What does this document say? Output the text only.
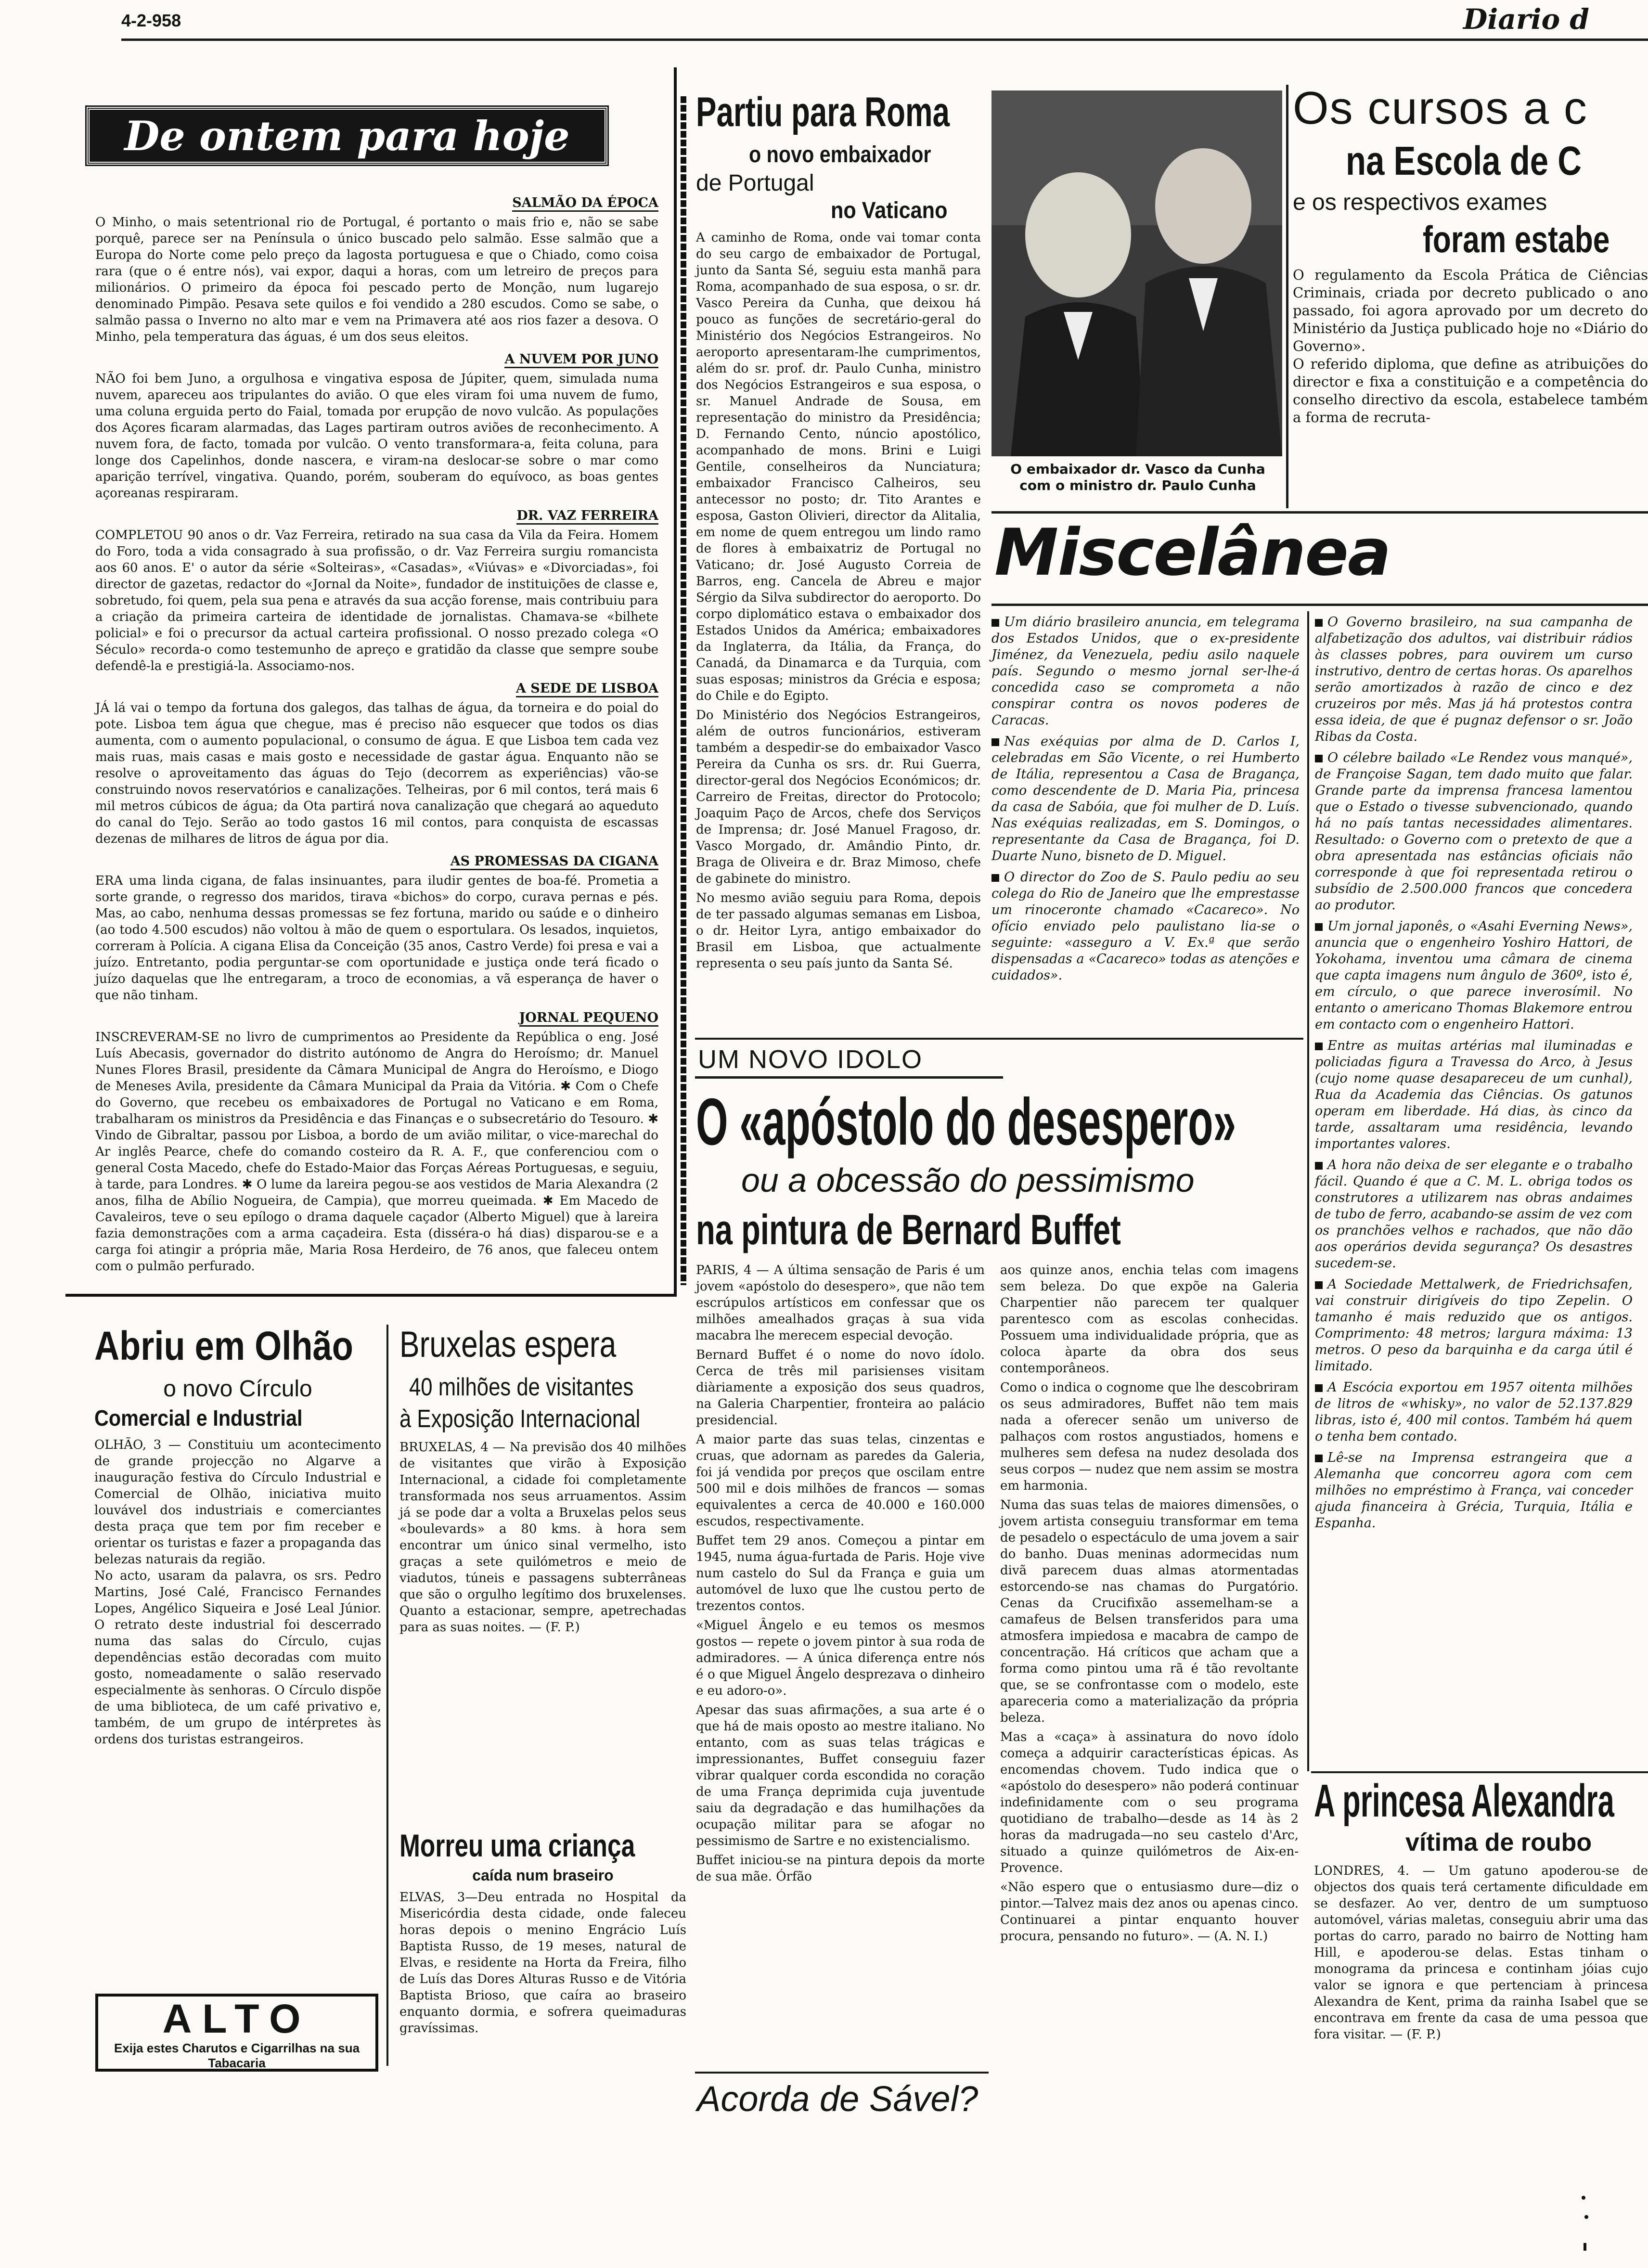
4-2-958	Diario d
De ontem para hoje
SALMÃO DA ÉPOCA

O Minho, o mais setentrional rio de Portugal, é portanto o mais frio e, não se sabe porquê, parece ser na Península o único buscado pelo salmão. Esse salmão que a Europa do Norte come pelo preço da lagosta portuguesa e que o Chiado, como coisa rara (que o é entre nós), vai expor, daqui a horas, com um letreiro de preços para milionários. O primeiro da época foi pescado perto de Monção, num lugarejo denominado Pimpão. Pesava sete quilos e foi vendido a 280 escudos. Como se sabe, o salmão passa o Inverno no alto mar e vem na Primavera até aos rios fazer a desova. O Minho, pela temperatura das águas, é um dos seus eleitos.

A NUVEM POR JUNO

NÃO foi bem Juno, a orgulhosa e vingativa esposa de Júpiter, quem, simulada numa nuvem, apareceu aos tripulantes do avião. O que eles viram foi uma nuvem de fumo, uma coluna erguida perto do Faial, tomada por erupção de novo vulcão. As populações dos Açores ficaram alarmadas, das Lages partiram outros aviões de reconhecimento. A nuvem fora, de facto, tomada por vulcão. O vento transformara-a, feita coluna, para longe dos Capelinhos, donde nascera, e viram-na deslocar-se sobre o mar como aparição terrível, vingativa. Quando, porém, souberam do equívoco, as boas gentes açoreanas respiraram.

DR. VAZ FERREIRA

COMPLETOU 90 anos o dr. Vaz Ferreira, retirado na sua casa da Vila da Feira. Homem do Foro, toda a vida consagrado à sua profissão, o dr. Vaz Ferreira surgiu romancista aos 60 anos. E' o autor da série «Solteiras», «Casadas», «Viúvas» e «Divorciadas», foi director de gazetas, redactor do «Jornal da Noite», fundador de instituições de classe e, sobretudo, foi quem, pela sua pena e através da sua acção forense, mais contribuiu para a criação da primeira carteira de identidade de jornalistas. Chamava-se «bilhete policial» e foi o precursor da actual carteira profissional. O nosso prezado colega «O Século» recorda-o como testemunho de apreço e gratidão da classe que sempre soube defendê-la e prestigiá-la. Associamo-nos.

A SEDE DE LISBOA

JÁ lá vai o tempo da fortuna dos galegos, das talhas de água, da torneira e do poial do pote. Lisboa tem água que chegue, mas é preciso não esquecer que todos os dias aumenta, com o aumento populacional, o consumo de água. E que Lisboa tem cada vez mais ruas, mais casas e mais gosto e necessidade de gastar água. Enquanto não se resolve o aproveitamento das águas do Tejo (decorrem as experiências) vão-se construindo novos reservatórios e canalizações. Telheiras, por 6 mil contos, terá mais 6 mil metros cúbicos de água; da Ota partirá nova canalização que chegará ao aqueduto do canal do Tejo. Serão ao todo gastos 16 mil contos, para conquista de escassas dezenas de milhares de litros de água por dia.

AS PROMESSAS DA CIGANA

ERA uma linda cigana, de falas insinuantes, para iludir gentes de boa-fé. Prometia a sorte grande, o regresso dos maridos, tirava «bichos» do corpo, curava pernas e pés. Mas, ao cabo, nenhuma dessas promessas se fez fortuna, marido ou saúde e o dinheiro (ao todo 4.500 escudos) não voltou à mão de quem o esportulara. Os lesados, inquietos, correram à Polícia. A cigana Elisa da Conceição (35 anos, Castro Verde) foi presa e vai a juízo. Entretanto, podia perguntar-se com oportunidade e justiça onde terá ficado o juízo daquelas que lhe entregaram, a troco de economias, a vã esperança de haver o que não tinham.

JORNAL PEQUENO

INSCREVERAM-SE no livro de cumprimentos ao Presidente da República o eng. José Luís Abecasis, governador do distrito autónomo de Angra do Heroísmo; dr. Manuel Nunes Flores Brasil, presidente da Câmara Municipal de Angra do Heroísmo, e Diogo de Meneses Avila, presidente da Câmara Municipal da Praia da Vitória. ✱ Com o Chefe do Governo, que recebeu os embaixadores de Portugal no Vaticano e em Roma, trabalharam os ministros da Presidência e das Finanças e o subsecretário do Tesouro. ✱ Vindo de Gibraltar, passou por Lisboa, a bordo de um avião militar, o vice-marechal do Ar inglês Pearce, chefe do comando costeiro da R. A. F., que conferenciou com o general Costa Macedo, chefe do Estado-Maior das Forças Aéreas Portuguesas, e seguiu, à tarde, para Londres. ✱ O lume da lareira pegou-se aos vestidos de Maria Alexandra (2 anos, filha de Abílio Nogueira, de Campia), que morreu queimada. ✱ Em Macedo de Cavaleiros, teve o seu epílogo o drama daquele caçador (Alberto Miguel) que à lareira fazia demonstrações com a arma caçadeira. Esta (disséra-o há dias) disparou-se e a carga foi atingir a própria mãe, Maria Rosa Herdeiro, de 76 anos, que faleceu ontem com o pulmão perfurado.

Abriu em Olhão
o novo Círculo
Comercial e Industrial

OLHÃO, 3 — Constituiu um acontecimento de grande projecção no Algarve a inauguração festiva do Círculo Industrial e Comercial de Olhão, iniciativa muito louvável dos industriais e comerciantes desta praça que tem por fim receber e orientar os turistas e fazer a propaganda das belezas naturais da região.
No acto, usaram da palavra, os srs. Pedro Martins, José Calé, Francisco Fernandes Lopes, Angélico Siqueira e José Leal Júnior. O retrato deste industrial foi descerrado numa das salas do Círculo, cujas dependências estão decoradas com muito gosto, nomeadamente o salão reservado especialmente às senhoras. O Círculo dispõe de uma biblioteca, de um café privativo e, também, de um grupo de intérpretes às ordens dos turistas estrangeiros.

ALTO
Exija estes Charutos e Cigarrilhas na sua Tabacaria
Bruxelas espera
40 milhões de visitantes
à Exposição Internacional

BRUXELAS, 4 — Na previsão dos 40 milhões de visitantes que virão à Exposição Internacional, a cidade foi completamente transformada nos seus arruamentos. Assim já se pode dar a volta a Bruxelas pelos seus «boulevards» a 80 kms. à hora sem encontrar um único sinal vermelho, isto graças a sete quilómetros e meio de viadutos, túneis e passagens subterrâneas que são o orgulho legítimo dos bruxelenses. Quanto a estacionar, sempre, apetrechadas para as suas noites. — (F. P.)

Morreu uma criança
caída num braseiro

ELVAS, 3—Deu entrada no Hospital da Misericórdia desta cidade, onde faleceu horas depois o menino Engrácio Luís Baptista Russo, de 19 meses, natural de Elvas, e residente na Horta da Freira, filho de Luís das Dores Alturas Russo e de Vitória Baptista Brioso, que caíra ao braseiro enquanto dormia, e sofrera queimaduras gravíssimas.

Partiu para Roma
o novo embaixador
de Portugal
no Vaticano

A caminho de Roma, onde vai tomar conta do seu cargo de embaixador de Portugal, junto da Santa Sé, seguiu esta manhã para Roma, acompanhado de sua esposa, o sr. dr. Vasco Pereira da Cunha, que deixou há pouco as funções de secretário-geral do Ministério dos Negócios Estrangeiros. No aeroporto apresentaram-lhe cumprimentos, além do sr. prof. dr. Paulo Cunha, ministro dos Negócios Estrangeiros e sua esposa, o sr. Manuel Andrade de Sousa, em representação do ministro da Presidência; D. Fernando Cento, núncio apostólico, acompanhado de mons. Brini e Luigi Gentile, conselheiros da Nunciatura; embaixador Francisco Calheiros, seu antecessor no posto; dr. Tito Arantes e esposa, Gaston Olivieri, director da Alitalia, em nome de quem entregou um lindo ramo de flores à embaixatriz de Portugal no Vaticano; dr. José Augusto Correia de Barros, eng. Cancela de Abreu e major Sérgio da Silva subdirector do aeroporto. Do corpo diplomático estava o embaixador dos Estados Unidos da América; embaixadores da Inglaterra, da Itália, da França, do Canadá, da Dinamarca e da Turquia, com suas esposas; ministros da Grécia e esposa; do Chile e do Egipto.

Do Ministério dos Negócios Estrangeiros, além de outros funcionários, estiveram também a despedir-se do embaixador Vasco Pereira da Cunha os srs. dr. Rui Guerra, director-geral dos Negócios Económicos; dr. Carreiro de Freitas, director do Protocolo; Joaquim Paço de Arcos, chefe dos Serviços de Imprensa; dr. José Manuel Fragoso, dr. Vasco Morgado, dr. Amândio Pinto, dr. Braga de Oliveira e dr. Braz Mimoso, chefe de gabinete do ministro.

No mesmo avião seguiu para Roma, depois de ter passado algumas semanas em Lisboa, o dr. Heitor Lyra, antigo embaixador do Brasil em Lisboa, que actualmente representa o seu país junto da Santa Sé.

O embaixador dr. Vasco da Cunha com o ministro dr. Paulo Cunha
Os cursos a c
na Escola de C
e os respectivos exames
foram estabe

O regulamento da Escola Prática de Ciências Criminais, criada por decreto publicado o ano passado, foi agora aprovado por um decreto do Ministério da Justiça publicado hoje no «Diário do Governo».
O referido diploma, que define as atribuições do director e fixa a constituição e a competência do conselho directivo da escola, estabelece também a forma de recruta-

Miscelânea

Um diário brasileiro anuncia, em telegrama dos Estados Unidos, que o ex-presidente Jiménez, da Venezuela, pediu asilo naquele país. Segundo o mesmo jornal ser-lhe-á concedida caso se comprometa a não conspirar contra os novos poderes de Caracas.

Nas exéquias por alma de D. Carlos I, celebradas em São Vicente, o rei Humberto de Itália, representou a Casa de Bragança, como descendente de D. Maria Pia, princesa da casa de Sabóia, que foi mulher de D. Luís. Nas exéquias realizadas, em S. Domingos, o representante da Casa de Bragança, foi D. Duarte Nuno, bisneto de D. Miguel.

O director do Zoo de S. Paulo pediu ao seu colega do Rio de Janeiro que lhe emprestasse um rinoceronte chamado «Cacareco». No ofício enviado pelo paulistano lia-se o seguinte: «asseguro a V. Ex.ª que serão dispensadas a «Cacareco» todas as atenções e cuidados».

O Governo brasileiro, na sua campanha de alfabetização dos adultos, vai distribuir rádios às classes pobres, para ouvirem um curso instrutivo, dentro de certas horas. Os aparelhos serão amortizados à razão de cinco e dez cruzeiros por mês. Mas já há protestos contra essa ideia, de que é pugnaz defensor o sr. João Ribas da Costa.

O célebre bailado «Le Rendez vous manqué», de Françoise Sagan, tem dado muito que falar. Grande parte da imprensa francesa lamentou que o Estado o tivesse subvencionado, quando há no país tantas necessidades alimentares. Resultado: o Governo com o pretexto de que a obra apresentada nas estâncias oficiais não corresponde à que foi representada retirou o subsídio de 2.500.000 francos que concedera ao produtor.

Um jornal japonês, o «Asahi Everning News», anuncia que o engenheiro Yoshiro Hattori, de Yokohama, inventou uma câmara de cinema que capta imagens num ângulo de 360º, isto é, em círculo, o que parece inverosímil. No entanto o americano Thomas Blakemore entrou em contacto com o engenheiro Hattori.

Entre as muitas artérias mal iluminadas e policiadas figura a Travessa do Arco, à Jesus (cujo nome quase desapareceu de um cunhal), Rua da Academia das Ciências. Os gatunos operam em liberdade. Há dias, às cinco da tarde, assaltaram uma residência, levando importantes valores.

A hora não deixa de ser elegante e o trabalho fácil. Quando é que a C. M. L. obriga todos os construtores a utilizarem nas obras andaimes de tubo de ferro, acabando-se assim de vez com os pranchões velhos e rachados, que não dão aos operários devida segurança? Os desastres sucedem-se.

A Sociedade Mettalwerk, de Friedrichsafen, vai construir dirigíveis do tipo Zepelin. O tamanho é mais reduzido que os antigos. Comprimento: 48 metros; largura máxima: 13 metros. O peso da barquinha e da carga útil é limitado.

A Escócia exportou em 1957 oitenta milhões de litros de «whisky», no valor de 52.137.829 libras, isto é, 400 mil contos. Também há quem o tenha bem contado.

Lê-se na Imprensa estrangeira que a Alemanha que concorreu agora com cem milhões no empréstimo à França, vai conceder ajuda financeira à Grécia, Turquia, Itália e Espanha.

UM NOVO IDOLO
O «apóstolo do desespero»
ou a obcessão do pessimismo
na pintura de Bernard Buffet

PARIS, 4 — A última sensação de Paris é um jovem «apóstolo do desespero», que não tem escrúpulos artísticos em confessar que os milhões amealhados graças à sua vida macabra lhe merecem especial devoção.

Bernard Buffet é o nome do novo ídolo. Cerca de três mil parisienses visitam diàriamente a exposição dos seus quadros, na Galeria Charpentier, fronteira ao palácio presidencial.

A maior parte das suas telas, cinzentas e cruas, que adornam as paredes da Galeria, foi já vendida por preços que oscilam entre 500 mil e dois milhões de francos — somas equivalentes a cerca de 40.000 e 160.000 escudos, respectivamente.

Buffet tem 29 anos. Começou a pintar em 1945, numa água-furtada de Paris. Hoje vive num castelo do Sul da França e guia um automóvel de luxo que lhe custou perto de trezentos contos.

«Miguel Ângelo e eu temos os mesmos gostos — repete o jovem pintor à sua roda de admiradores. — A única diferença entre nós é o que Miguel Ângelo desprezava o dinheiro e eu adoro-o».

Apesar das suas afirmações, a sua arte é o que há de mais oposto ao mestre italiano. No entanto, com as suas telas trágicas e impressionantes, Buffet conseguiu fazer vibrar qualquer corda escondida no coração de uma França deprimida cuja juventude saiu da degradação e das humilhações da ocupação militar para se afogar no pessimismo de Sartre e no existencialismo.

Buffet iniciou-se na pintura depois da morte de sua mãe. Órfão

aos quinze anos, enchia telas com imagens sem beleza. Do que expõe na Galeria Charpentier não parecem ter qualquer parentesco com as escolas conhecidas. Possuem uma individualidade própria, que as coloca àparte da obra dos seus contemporâneos.

Como o indica o cognome que lhe descobriram os seus admiradores, Buffet não tem mais nada a oferecer senão um universo de palhaços com rostos angustiados, homens e mulheres sem defesa na nudez desolada dos seus corpos — nudez que nem assim se mostra em harmonia.

Numa das suas telas de maiores dimensões, o jovem artista conseguiu transformar em tema de pesadelo o espectáculo de uma jovem a sair do banho. Duas meninas adormecidas num divã parecem duas almas atormentadas estorcendo-se nas chamas do Purgatório. Cenas da Crucifixão assemelham-se a camafeus de Belsen transferidos para uma atmosfera impiedosa e macabra de campo de concentração. Há críticos que acham que a forma como pintou uma rã é tão revoltante que, se se confrontasse com o modelo, este apareceria como a materialização da própria beleza.

Mas a «caça» à assinatura do novo ídolo começa a adquirir características épicas. As encomendas chovem. Tudo indica que o «apóstolo do desespero» não poderá continuar indefinidamente com o seu programa quotidiano de trabalho—desde as 14 às 2 horas da madrugada—no seu castelo d'Arc, situado a quinze quilómetros de Aix-en-Provence.

«Não espero que o entusiasmo dure—diz o pintor.—Talvez mais dez anos ou apenas cinco. Continuarei a pintar enquanto houver procura, pensando no futuro». — (A. N. I.)

Acorda de Sável?
A princesa Alexandra
vítima de roubo

LONDRES, 4. — Um gatuno apoderou-se de objectos dos quais terá certamente dificuldade em se desfazer. Ao ver, dentro de um sumptuoso automóvel, várias maletas, conseguiu abrir uma das portas do carro, parado no bairro de Notting ham Hill, e apoderou-se delas. Estas tinham o monograma da princesa e continham jóias cujo valor se ignora e que pertenciam à princesa Alexandra de Kent, prima da rainha Isabel que se encontrava em frente da casa de uma pessoa que fora visitar. — (F. P.)
